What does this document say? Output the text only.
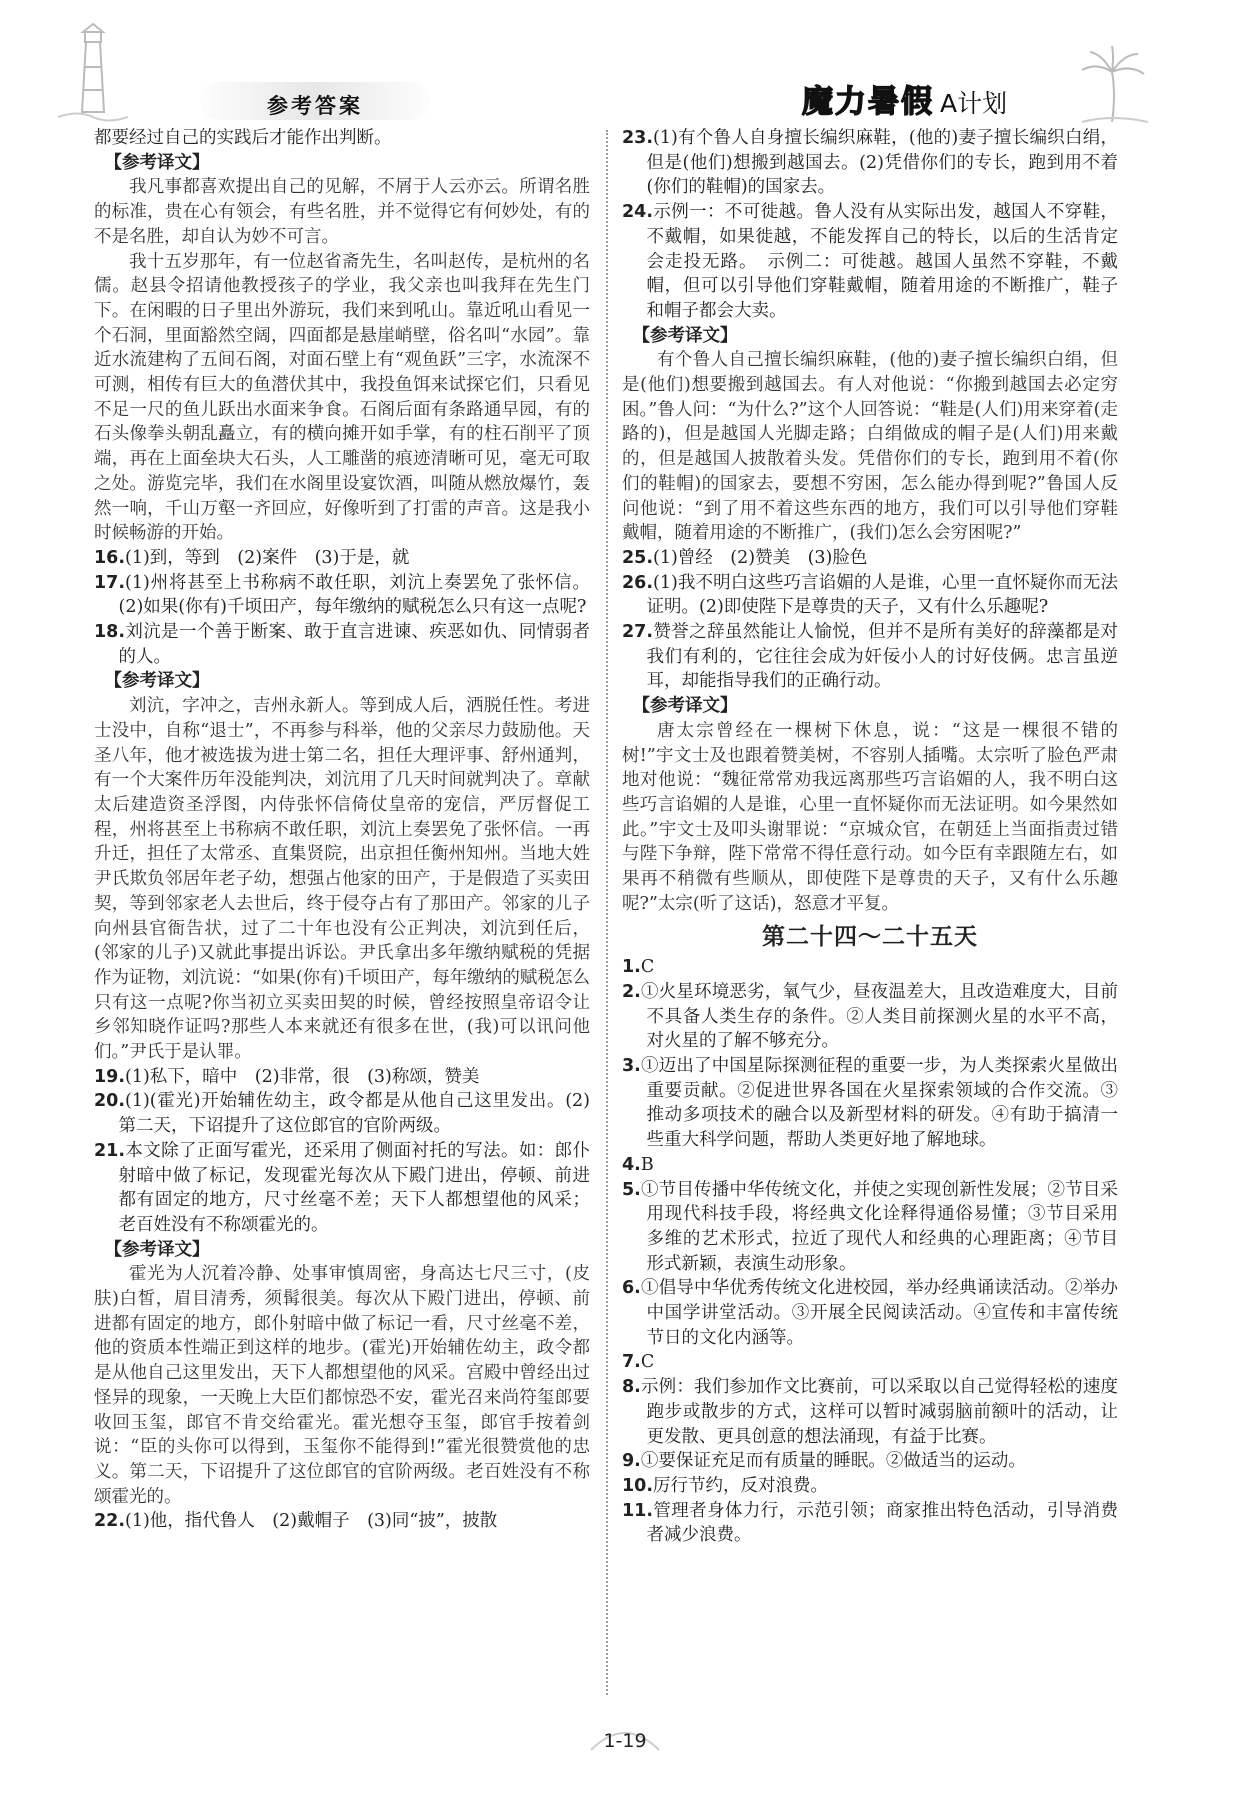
参考答案	魔力暑假 A计划
都要经过自己的实践后才能作出判断。
【参考译文】
我凡事都喜欢提出自己的见解，不屑于人云亦云。所谓名胜的标准，贵在心有领会，有些名胜，并不觉得它有何妙处，有的不是名胜，却自认为妙不可言。
我十五岁那年，有一位赵省斋先生，名叫赵传，是杭州的名儒。赵县令招请他教授孩子的学业，我父亲也叫我拜在先生门下。在闲暇的日子里出外游玩，我们来到吼山。靠近吼山看见一个石洞，里面豁然空阔，四面都是悬崖峭壁，俗名叫“水园”。靠近水流建构了五间石阁，对面石壁上有“观鱼跃”三字，水流深不可测，相传有巨大的鱼潜伏其中，我投鱼饵来试探它们，只看见不足一尺的鱼儿跃出水面来争食。石阁后面有条路通早园，有的石头像拳头朝乱矗立，有的横向摊开如手掌，有的柱石削平了顶端，再在上面垒块大石头，人工雕凿的痕迹清晰可见，毫无可取之处。游览完毕，我们在水阁里设宴饮酒，叫随从燃放爆竹，轰然一响，千山万壑一齐回应，好像听到了打雷的声音。这是我小时候畅游的开始。
16.(1)到，等到　(2)案件　(3)于是，就
17.(1)州将甚至上书称病不敢任职，刘沆上奏罢免了张怀信。(2)如果(你有)千顷田产，每年缴纳的赋税怎么只有这一点呢?
18.刘沆是一个善于断案、敢于直言进谏、疾恶如仇、同情弱者的人。
【参考译文】
刘沆，字冲之，吉州永新人。等到成人后，洒脱任性。考进士没中，自称“退士”，不再参与科举，他的父亲尽力鼓励他。天圣八年，他才被选拔为进士第二名，担任大理评事、舒州通判，有一个大案件历年没能判决，刘沆用了几天时间就判决了。章献太后建造资圣浮图，内侍张怀信倚仗皇帝的宠信，严厉督促工程，州将甚至上书称病不敢任职，刘沆上奏罢免了张怀信。一再升迁，担任了太常丞、直集贤院，出京担任衡州知州。当地大姓尹氏欺负邻居年老子幼，想强占他家的田产，于是假造了买卖田契，等到邻家老人去世后，终于侵夺占有了那田产。邻家的儿子向州县官衙告状，过了二十年也没有公正判决，刘沆到任后，(邻家的儿子)又就此事提出诉讼。尹氏拿出多年缴纳赋税的凭据作为证物，刘沆说：“如果(你有)千顷田产，每年缴纳的赋税怎么只有这一点呢?你当初立买卖田契的时候，曾经按照皇帝诏令让乡邻知晓作证吗?那些人本来就还有很多在世，(我)可以讯问他们。”尹氏于是认罪。
19.(1)私下，暗中　(2)非常，很　(3)称颂，赞美
20.(1)(霍光)开始辅佐幼主，政令都是从他自己这里发出。(2)第二天，下诏提升了这位郎官的官阶两级。
21.本文除了正面写霍光，还采用了侧面衬托的写法。如：郎仆射暗中做了标记，发现霍光每次从下殿门进出，停顿、前进都有固定的地方，尺寸丝毫不差；天下人都想望他的风采；老百姓没有不称颂霍光的。
【参考译文】
霍光为人沉着冷静、处事审慎周密，身高达七尺三寸，(皮肤)白皙，眉目清秀，须髯很美。每次从下殿门进出，停顿、前进都有固定的地方，郎仆射暗中做了标记一看，尺寸丝毫不差，他的资质本性端正到这样的地步。(霍光)开始辅佐幼主，政令都是从他自己这里发出，天下人都想望他的风采。宫殿中曾经出过怪异的现象，一天晚上大臣们都惊恐不安，霍光召来尚符玺郎要收回玉玺，郎官不肯交给霍光。霍光想夺玉玺，郎官手按着剑说：“臣的头你可以得到，玉玺你不能得到!”霍光很赞赏他的忠义。第二天，下诏提升了这位郎官的官阶两级。老百姓没有不称颂霍光的。
22.(1)他，指代鲁人　(2)戴帽子　(3)同“披”，披散
23.(1)有个鲁人自身擅长编织麻鞋，(他的)妻子擅长编织白绢，但是(他们)想搬到越国去。(2)凭借你们的专长，跑到用不着(你们的鞋帽)的国家去。
24.示例一：不可徙越。鲁人没有从实际出发，越国人不穿鞋，不戴帽，如果徙越，不能发挥自己的特长，以后的生活肯定会走投无路。　示例二：可徙越。越国人虽然不穿鞋，不戴帽，但可以引导他们穿鞋戴帽，随着用途的不断推广，鞋子和帽子都会大卖。
【参考译文】
有个鲁人自己擅长编织麻鞋，(他的)妻子擅长编织白绢，但是(他们)想要搬到越国去。有人对他说：“你搬到越国去必定穷困。”鲁人问：“为什么?”这个人回答说：“鞋是(人们)用来穿着(走路的)，但是越国人光脚走路；白绢做成的帽子是(人们)用来戴的，但是越国人披散着头发。凭借你们的专长，跑到用不着(你们的鞋帽)的国家去，要想不穷困，怎么能办得到呢?”鲁国人反问他说：“到了用不着这些东西的地方，我们可以引导他们穿鞋戴帽，随着用途的不断推广，(我们)怎么会穷困呢?”
25.(1)曾经　(2)赞美　(3)脸色
26.(1)我不明白这些巧言谄媚的人是谁，心里一直怀疑你而无法证明。(2)即使陛下是尊贵的天子，又有什么乐趣呢?
27.赞誉之辞虽然能让人愉悦，但并不是所有美好的辞藻都是对我们有利的，它往往会成为奸佞小人的讨好伎俩。忠言虽逆耳，却能指导我们的正确行动。
【参考译文】
唐太宗曾经在一棵树下休息，说：“这是一棵很不错的树!”宇文士及也跟着赞美树，不容别人插嘴。太宗听了脸色严肃地对他说：“魏征常常劝我远离那些巧言谄媚的人，我不明白这些巧言谄媚的人是谁，心里一直怀疑你而无法证明。如今果然如此。”宇文士及叩头谢罪说：“京城众官，在朝廷上当面指责过错与陛下争辩，陛下常常不得任意行动。如今臣有幸跟随左右，如果再不稍微有些顺从，即使陛下是尊贵的天子，又有什么乐趣呢?”太宗(听了这话)，怒意才平复。
第二十四～二十五天
1.C
2.①火星环境恶劣，氧气少，昼夜温差大，且改造难度大，目前不具备人类生存的条件。②人类目前探测火星的水平不高，对火星的了解不够充分。
3.①迈出了中国星际探测征程的重要一步，为人类探索火星做出重要贡献。②促进世界各国在火星探索领域的合作交流。③推动多项技术的融合以及新型材料的研发。④有助于搞清一些重大科学问题，帮助人类更好地了解地球。
4.B
5.①节目传播中华传统文化，并使之实现创新性发展；②节目采用现代科技手段，将经典文化诠释得通俗易懂；③节目采用多维的艺术形式，拉近了现代人和经典的心理距离；④节目形式新颖，表演生动形象。
6.①倡导中华优秀传统文化进校园，举办经典诵读活动。②举办中国学讲堂活动。③开展全民阅读活动。④宣传和丰富传统节日的文化内涵等。
7.C
8.示例：我们参加作文比赛前，可以采取以自己觉得轻松的速度跑步或散步的方式，这样可以暂时减弱脑前额叶的活动，让更发散、更具创意的想法涌现，有益于比赛。
9.①要保证充足而有质量的睡眠。②做适当的运动。
10.厉行节约，反对浪费。
11.管理者身体力行，示范引领；商家推出特色活动，引导消费者减少浪费。
1-19
